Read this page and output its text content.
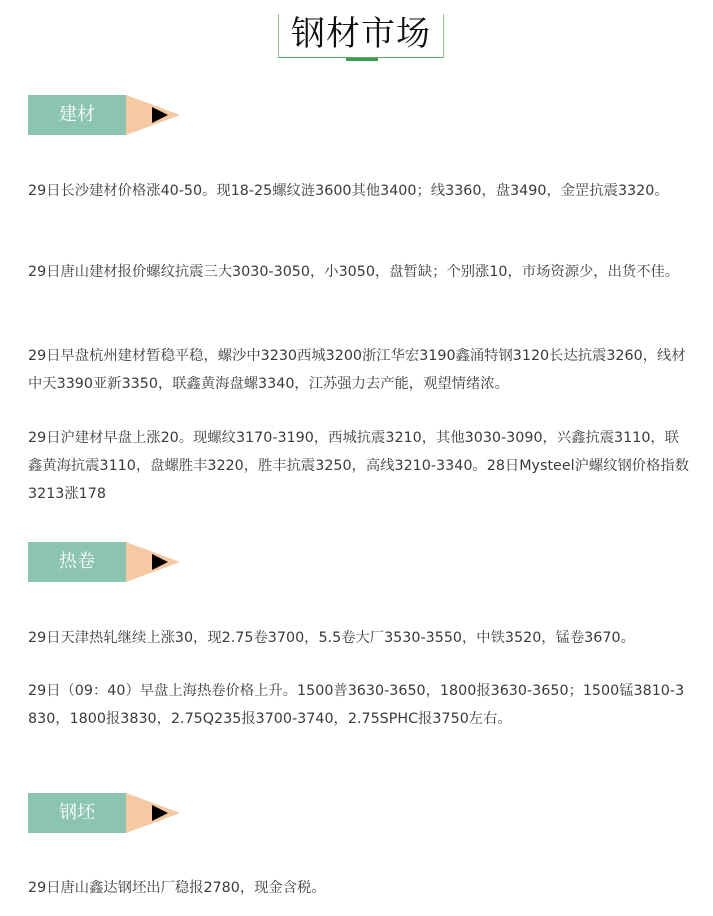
钢材市场
建材

29日长沙建材价格涨40-50。现18-25螺纹涟3600其他3400；线3360，盘3490，金罡抗震3320。

29日唐山建材报价螺纹抗震三大3030-3050，小3050，盘暂缺；个别涨10，市场资源少，出货不佳。

29日早盘杭州建材暂稳平稳，螺沙中3230西城3200浙江华宏3190鑫涌特钢3120长达抗震3260，线材中天3390亚新3350，联鑫黄海盘螺3340，江苏强力去产能，观望情绪浓。

29日沪建材早盘上涨20。现螺纹3170-3190，西城抗震3210，其他3030-3090，兴鑫抗震3110，联鑫黄海抗震3110，盘螺胜丰3220，胜丰抗震3250，高线3210-3340。28日Mysteel沪螺纹钢价格指数3213涨178

热卷

29日天津热轧继续上涨30，现2.75卷3700，5.5卷大厂3530-3550，中铁3520，锰卷3670。

29日（09：40）早盘上海热卷价格上升。1500普3630-3650，1800报3630-3650；1500锰3810-3830，1800报3830，2.75Q235报3700-3740，2.75SPHC报3750左右。

钢坯

29日唐山鑫达钢坯出厂稳报2780，现金含税。
